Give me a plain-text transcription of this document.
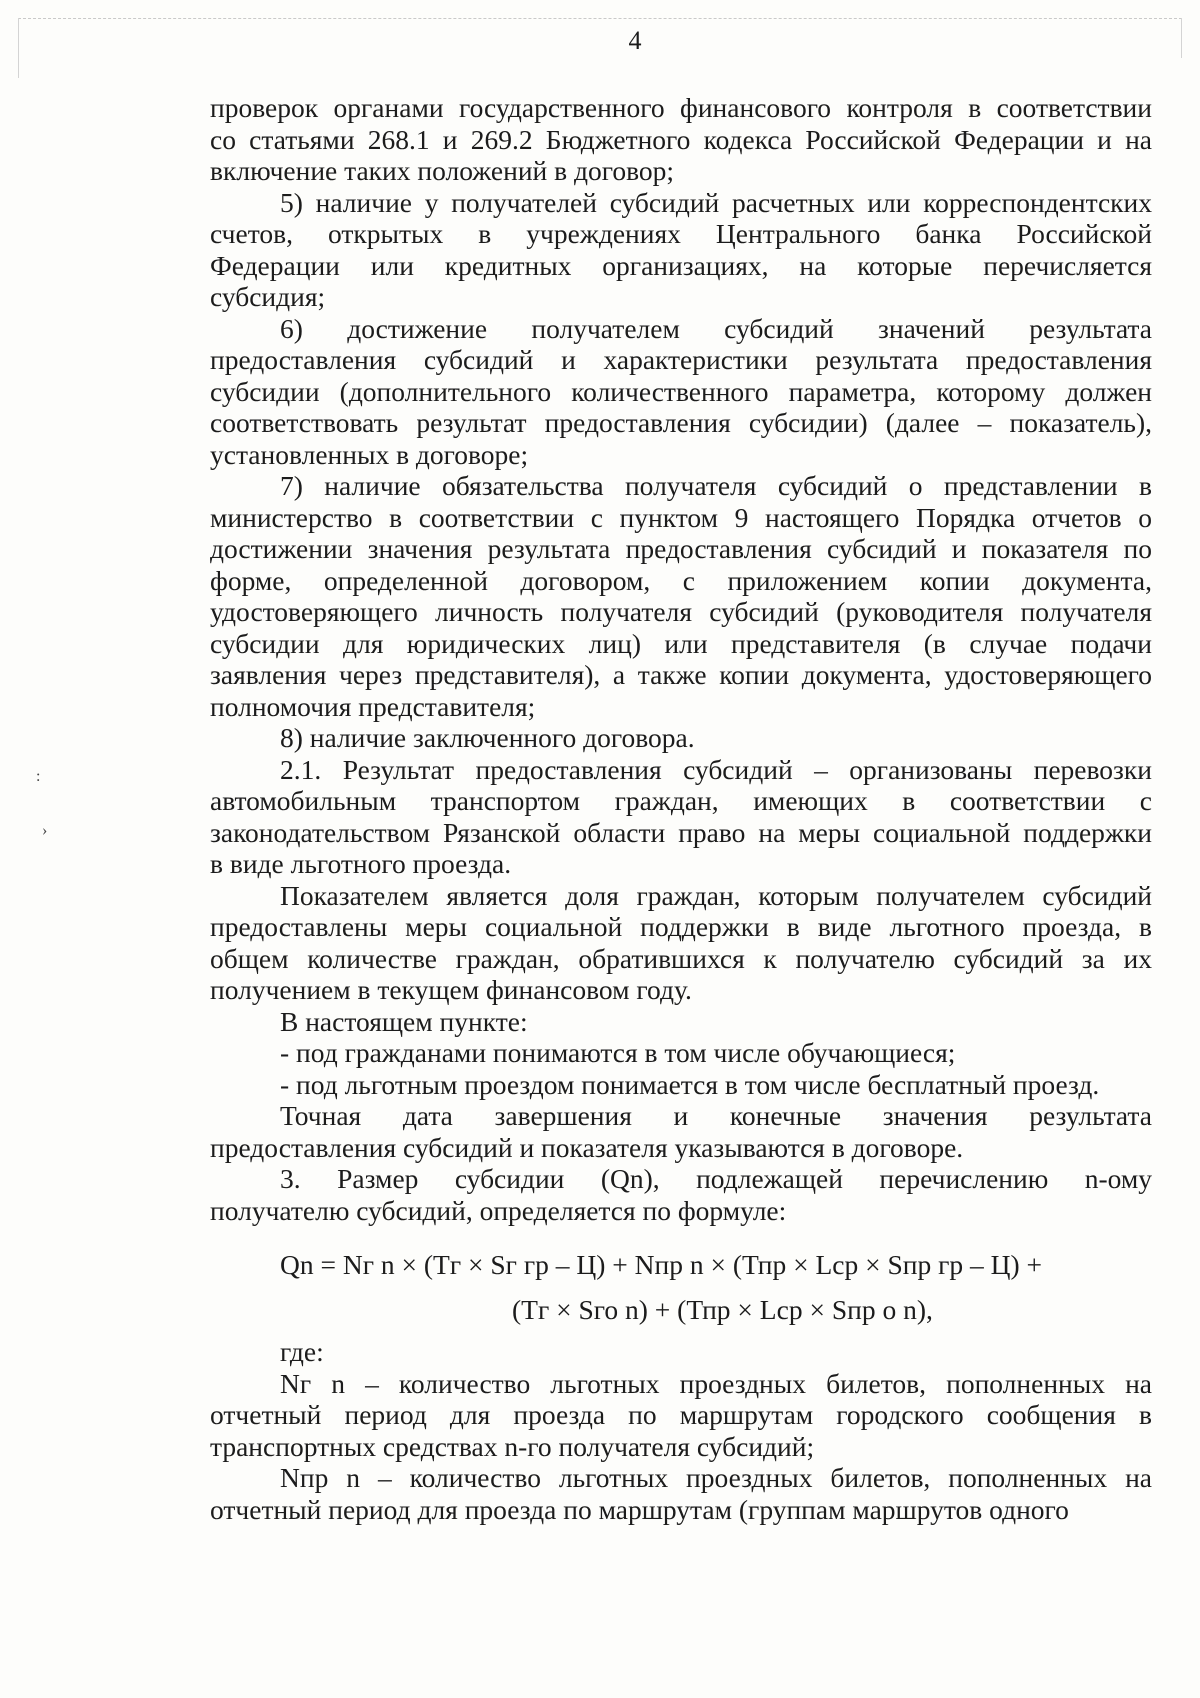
4
проверок органами государственного финансового контроля в соответствии
со статьями 268.1 и 269.2 Бюджетного кодекса Российской Федерации и на
включение таких положений в договор;
5) наличие у получателей субсидий расчетных или корреспондентских
счетов, открытых в учреждениях Центрального банка Российской
Федерации или кредитных организациях, на которые перечисляется
субсидия;
6) достижение получателем субсидий значений результата
предоставления субсидий и характеристики результата предоставления
субсидии (дополнительного количественного параметра, которому должен
соответствовать результат предоставления субсидии) (далее – показатель),
установленных в договоре;
7) наличие обязательства получателя субсидий о представлении в
министерство в соответствии с пунктом 9 настоящего Порядка отчетов о
достижении значения результата предоставления субсидий и показателя по
форме, определенной договором, с приложением копии документа,
удостоверяющего личность получателя субсидий (руководителя получателя
субсидии для юридических лиц) или представителя (в случае подачи
заявления через представителя), а также копии документа, удостоверяющего
полномочия представителя;
8) наличие заключенного договора.
2.1. Результат предоставления субсидий – организованы перевозки
автомобильным транспортом граждан, имеющих в соответствии с
законодательством Рязанской области право на меры социальной поддержки
в виде льготного проезда.
Показателем является доля граждан, которым получателем субсидий
предоставлены меры социальной поддержки в виде льготного проезда, в
общем количестве граждан, обратившихся к получателю субсидий за их
получением в текущем финансовом году.
В настоящем пункте:
- под гражданами понимаются в том числе обучающиеся;
- под льготным проездом понимается в том числе бесплатный проезд.
Точная дата завершения и конечные значения результата
предоставления субсидий и показателя указываются в договоре.
3. Размер субсидии (Qn), подлежащей перечислению n-ому
получателю субсидий, определяется по формуле:
Qn = Nг n × (Тг × Sг гр – Ц) + Nпр n × (Тпр × Lср × Sпр гр – Ц) +
(Тг × Sго n) + (Тпр × Lср × Sпр о n),
где:
Nг n – количество льготных проездных билетов, пополненных на
отчетный период для проезда по маршрутам городского сообщения в
транспортных средствах n-го получателя субсидий;
Nпр n – количество льготных проездных билетов, пополненных на
отчетный период для проезда по маршрутам (группам маршрутов одного
:
›
